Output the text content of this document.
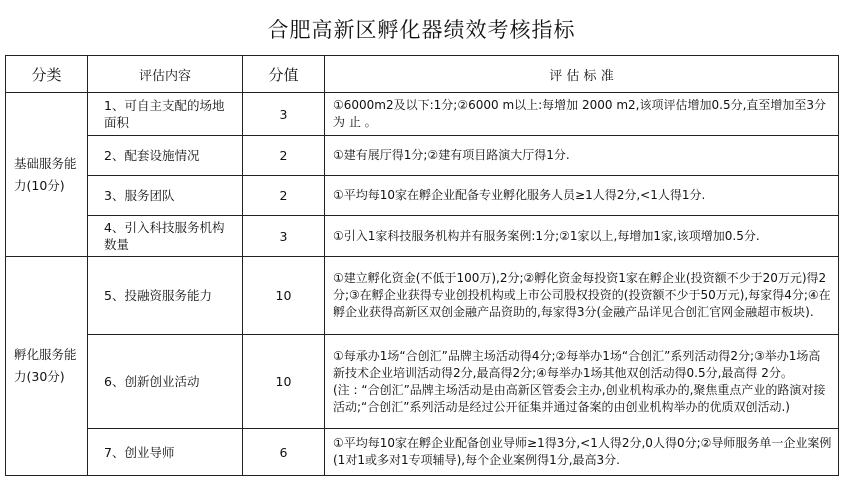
合肥高新区孵化器绩效考核指标
分类	评估内容	分值	评 估 标 准
基础服务能力(10分)	1、可自主支配的场地面积	3	①6000m2及以下:1分;②6000 m以上:每增加 2000 m2,该项评估增加0.5分,直至增加至3分为 止 。

	2、配套设施情况	2	①建有展厅得1分;②建有项目路演大厅得1分.

	3、服务团队	2	①平均每10家在孵企业配备专业孵化服务人员≥1人得2分,<1人得1分.

	4、引入科技服务机构数量	3	①引入1家科技服务机构并有服务案例:1分;②1家以上,每增加1家,该项增加0.5分.

孵化服务能力(30分)	5、投融资服务能力	10	①建立孵化资金(不低于100万),2分;②孵化资金每投资1家在孵企业(投资额不少于20万元)得2分;③在孵企业获得专业创投机构或上市公司股权投资的(投资额不少于50万元),每家得4分;④在孵企业获得高新区双创金融产品资助的,每家得3分(金融产品详见合创汇官网金融超市板块).

	6、创新创业活动	10	①每承办1场“合创汇”品牌主场活动得4分;②每举办1场“合创汇”系列活动得2分;③举办1场高新技术企业培训活动得2分,最高得2分;④每举办1场其他双创活动得0.5分,最高得 2分。

(注 : “合创汇”品牌主场活动是由高新区管委会主办,创业机构承办的,聚焦重点产业的路演对接活动;“合创汇”系列活动是经过公开征集并通过备案的由创业机构举办的优质双创活动.)

	7、创业导师	6	①平均每10家在孵企业配备创业导师≥1得3分,<1人得2分,0人得0分;②导师服务单一企业案例(1对1或多对1专项辅导),每个企业案例得1分,最高3分.
